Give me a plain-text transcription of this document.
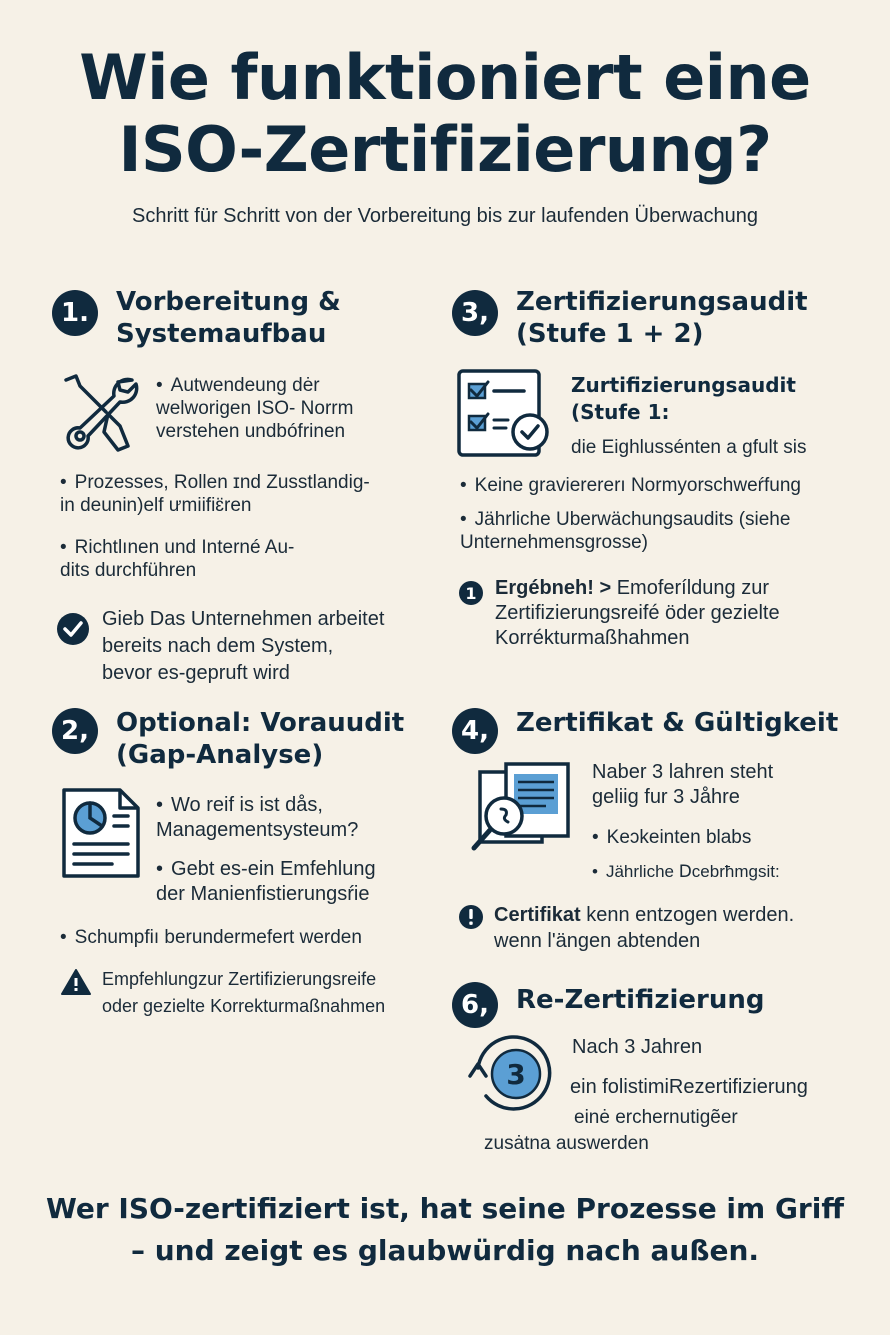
Wie funktioniert eine
ISO-Zertifizierung?
Schritt für Schritt von der Vorbereitung bis zur laufenden Überwachung
1.	Vorbereitung &
Systemaufbau
• Autwendeung dėr
welworigen ISO- Norrm
verstehen undbófrinen
• Prozesses, Rollen ɪnd Zusstlandig-
in deunin)elf ưmiifiɛ̈ren
• Richtlınen und Interné Au-
dits durchführen
Gieb Das Unternehmen arbeitet
bereits nach dem System,
bevor es-gepruft wird
2,	Optional: Vorauudit
(Gap-Analyse)
• Wo reif is ist dås,
Managementsysteum?
• Gebt es-ein Emfehlung
der Manienfistierungsŕie
• Schumpfiı berundermefert werden
Empfehlungzur Zertifizierungsreife
oder gezielte Korrekturmaßnahmen
3,	Zertifizierungsaudit
(Stufe 1 + 2)
Zurtifizierungsaudit
(Stufe 1:
die Eighlussénten a gfult sis
• Keine gravierererı Normyorschweŕfung
• Jährliche Uberwächungsaudits (siehe
Unternehmensgrosse)
1 Ergébneh! > Emoferíldung zur
Zertifizierungsreifé öder gezielte
Korrékturmaßhahmen
4,	Zertifikat & Gültigkeit
Naber 3 lahren steht
geliig fur 3 Jåhre
• Keɔkeinten blabs
• Jährliche Ⅾcebrħmgsit:
Certifikat kenn entzogen werden.
wenn l'ängen abtenden
6,	Re-Zertifizierung
3
Nach 3 Jahren
ein folistimiRezertifizierung
einė erchernutigẽer
zusȧtna auswerden
Wer ISO-zertifiziert ist, hat seine Prozesse im Griff
– und zeigt es glaubwürdig nach außen.
